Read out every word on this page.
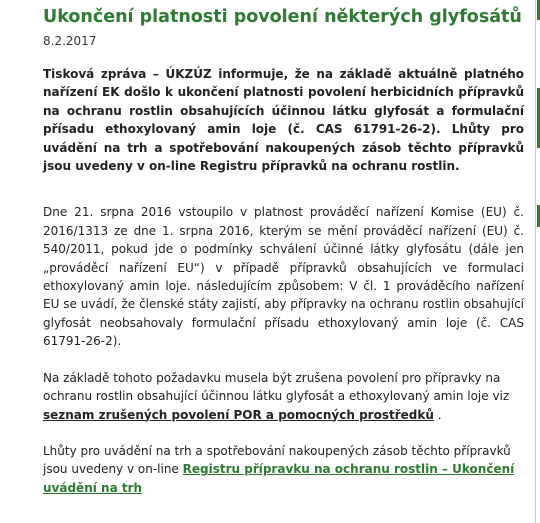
Ukončení platnosti povolení některých glyfosátů
8.2.2017

Tisková zpráva – ÚKZÚZ informuje, že na základě aktuálně platného nařízení EK došlo k ukončení platnosti povolení herbicidních přípravků na ochranu rostlin obsahujících účinnou látku glyfosát a formulační přísadu ethoxylovaný amin loje (č. CAS 61791-26-2). Lhůty pro uvádění na trh a spotřebování nakoupených zásob těchto přípravků jsou uvedeny v on-line Registru přípravků na ochranu rostlin.

Dne 21. srpna 2016 vstoupilo v platnost prováděcí nařízení Komise (EU) č. 2016/1313 ze dne 1. srpna 2016, kterým se mění prováděcí nařízení (EU) č. 540/2011, pokud jde o podmínky schválení účinné látky glyfosátu (dále jen „prováděcí nařízení EU“) v případě přípravků obsahujících ve formulaci ethoxylovaný amin loje. následujícím způsobem: V čl. 1 prováděcího nařízení EU se uvádí, že členské státy zajistí, aby přípravky na ochranu rostlin obsahující glyfosát neobsahovaly formulační přísadu ethoxylovaný amin loje (č. CAS 61791-26-2).

Na základě tohoto požadavku musela být zrušena povolení pro přípravky na ochranu rostlin obsahující účinnou látku glyfosát a ethoxylovaný amin loje viz seznam zrušených povolení POR a pomocných prostředků .

Lhůty pro uvádění na trh a spotřebování nakoupených zásob těchto přípravků jsou uvedeny v on-line Registru přípravku na ochranu rostlin – Ukončení uvádění na trh
